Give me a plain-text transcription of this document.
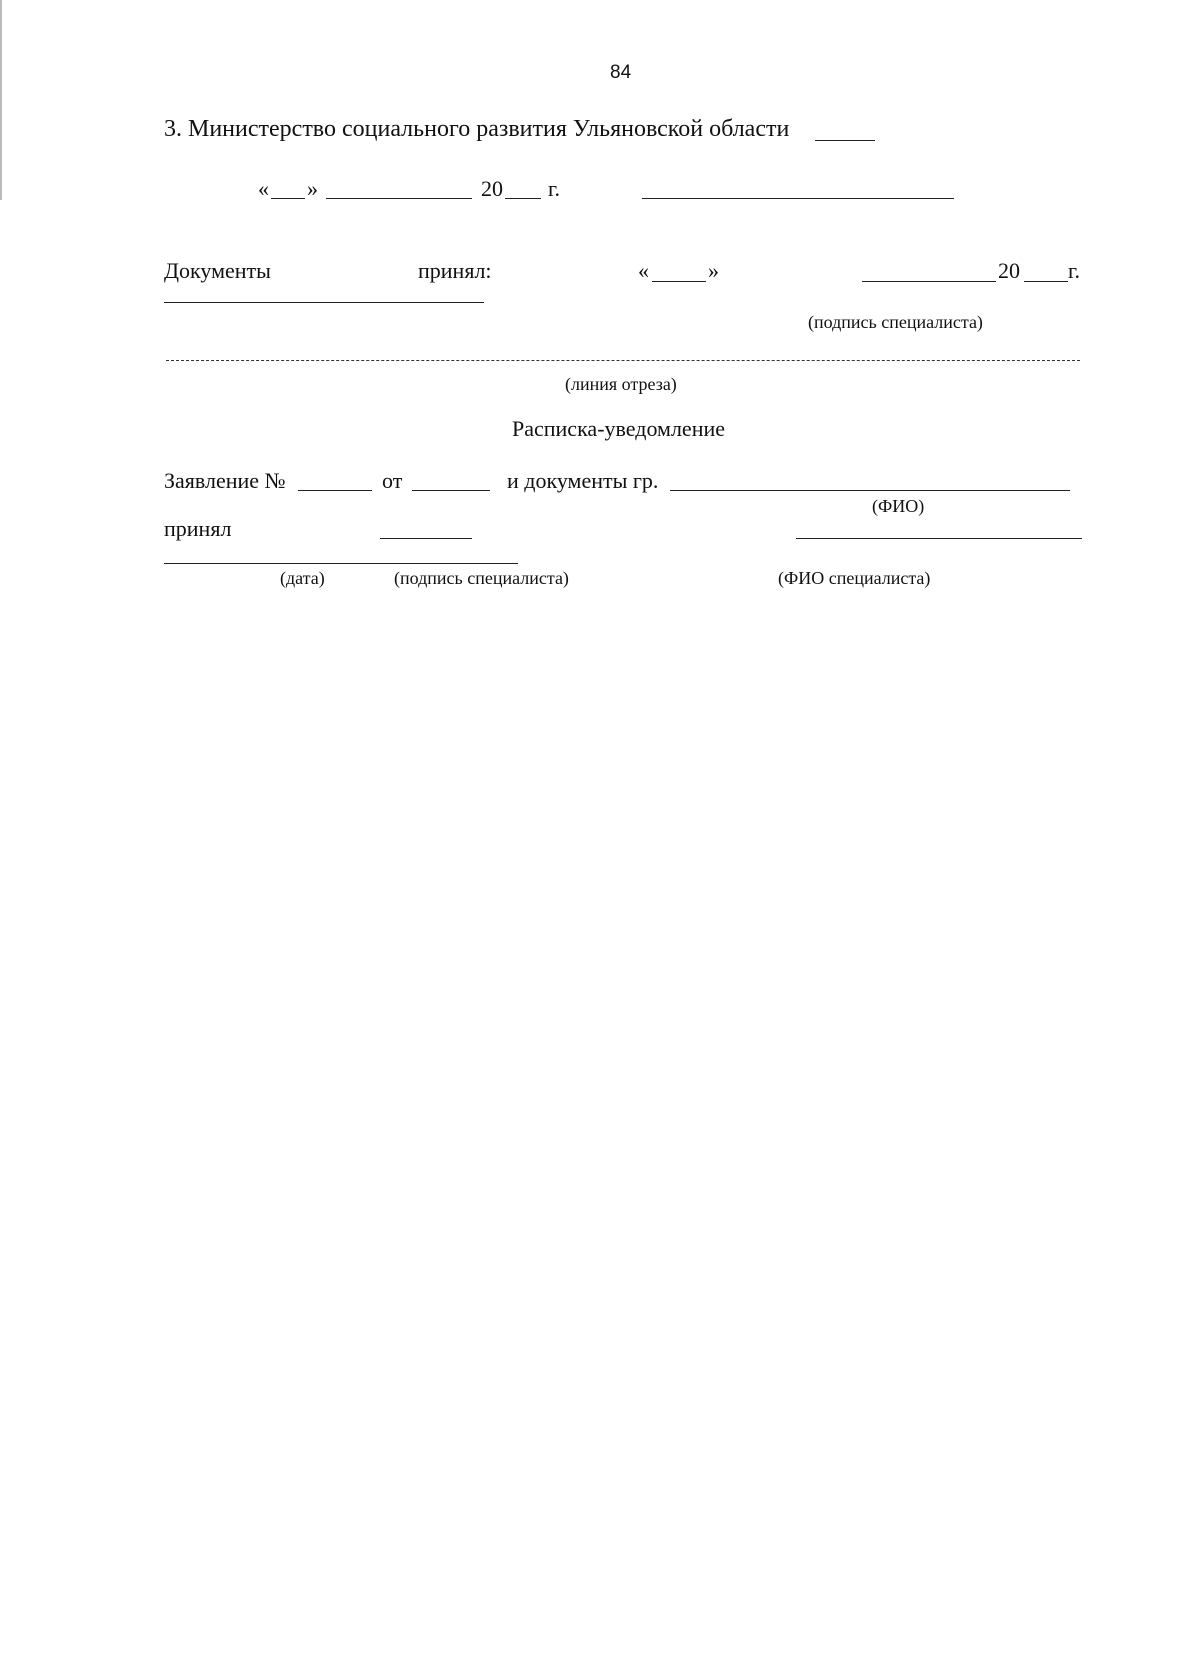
84
3. Министерство социального развития Ульяновской области
« »	20 г.
Документы	принял:	«	»	20 г.
(подпись специалиста)
(линия отреза)
Расписка-уведомление
Заявление №	от	и документы гр.
(ФИО)
принял
(дата)	(подпись специалиста)	(ФИО специалиста)
